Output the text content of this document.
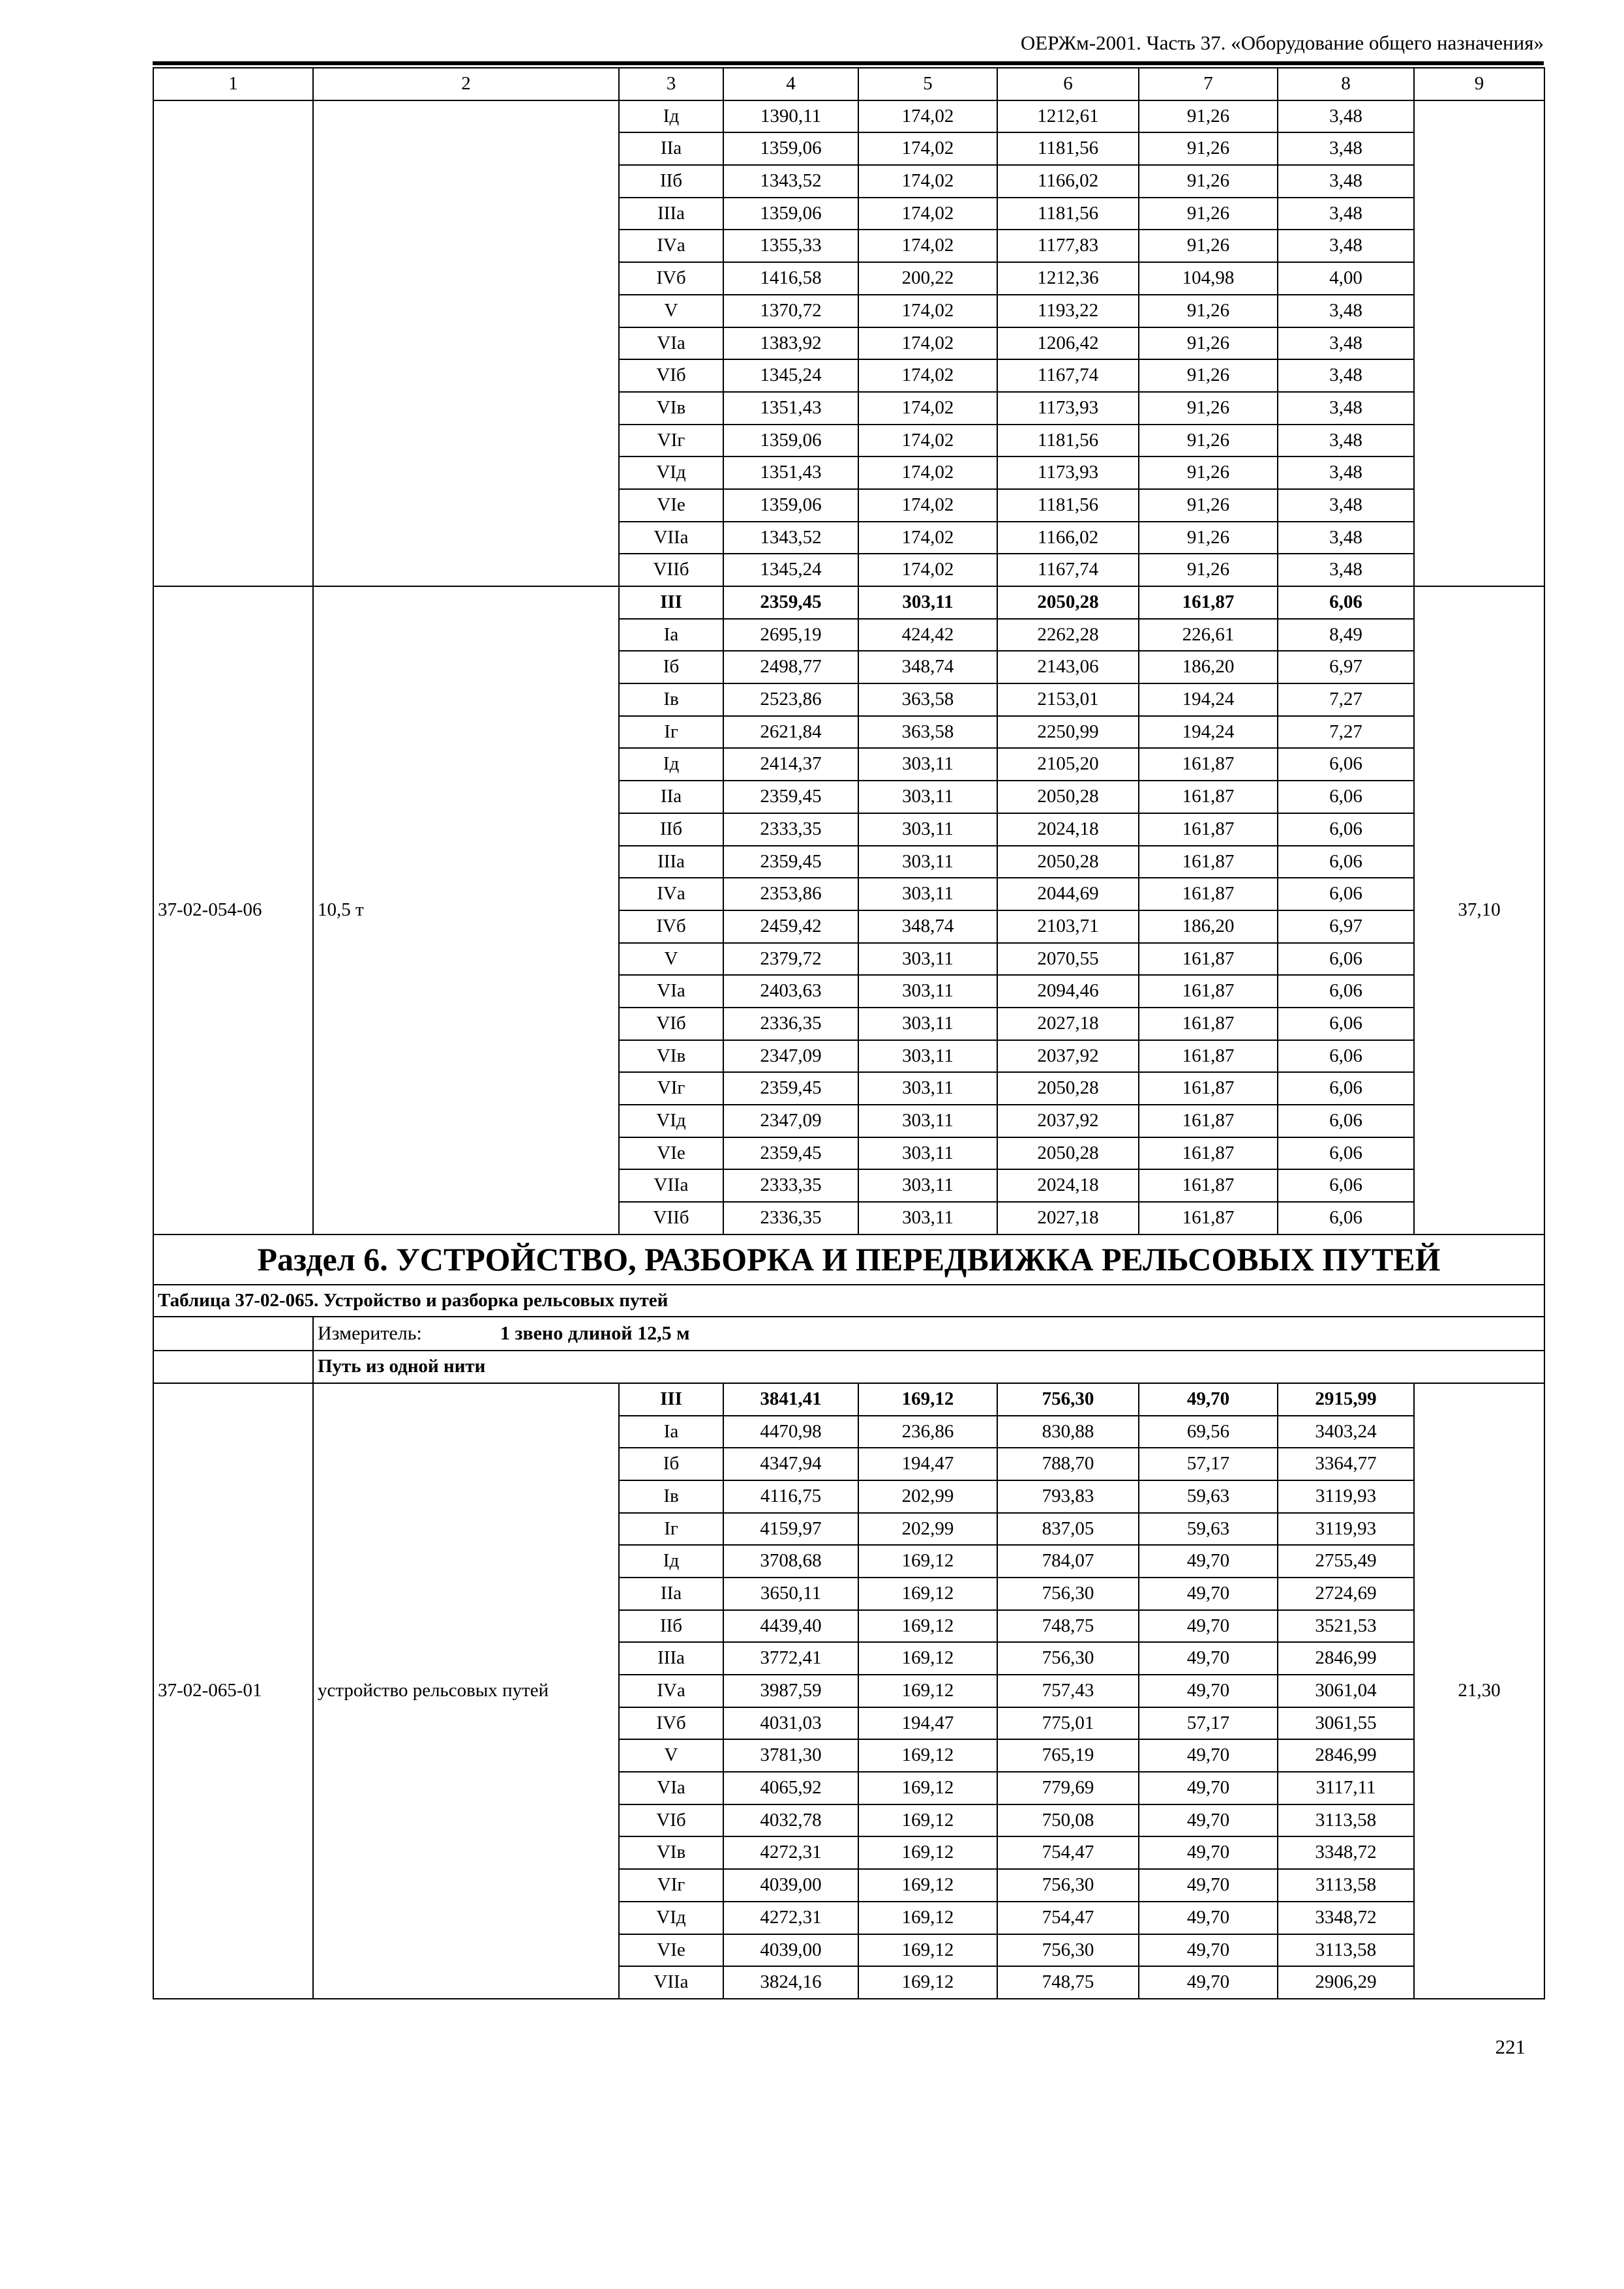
ОЕРЖм-2001. Часть 37. «Оборудование общего назначения»
1	2	3	4	5	6	7	8	9
		Iд	1390,11	174,02	1212,61	91,26	3,48	
		IIа	1359,06	174,02	1181,56	91,26	3,48	
		IIб	1343,52	174,02	1166,02	91,26	3,48	
		IIIа	1359,06	174,02	1181,56	91,26	3,48	
		IVа	1355,33	174,02	1177,83	91,26	3,48	
		IVб	1416,58	200,22	1212,36	104,98	4,00	
		V	1370,72	174,02	1193,22	91,26	3,48	
		VIа	1383,92	174,02	1206,42	91,26	3,48	
		VIб	1345,24	174,02	1167,74	91,26	3,48	
		VIв	1351,43	174,02	1173,93	91,26	3,48	
		VIг	1359,06	174,02	1181,56	91,26	3,48	
		VIд	1351,43	174,02	1173,93	91,26	3,48	
		VIе	1359,06	174,02	1181,56	91,26	3,48	
		VIIа	1343,52	174,02	1166,02	91,26	3,48	
		VIIб	1345,24	174,02	1167,74	91,26	3,48	
37-02-054-06	10,5 т	III	2359,45	303,11	2050,28	161,87	6,06	37,10
		Iа	2695,19	424,42	2262,28	226,61	8,49	
		Iб	2498,77	348,74	2143,06	186,20	6,97	
		Iв	2523,86	363,58	2153,01	194,24	7,27	
		Iг	2621,84	363,58	2250,99	194,24	7,27	
		Iд	2414,37	303,11	2105,20	161,87	6,06	
		IIа	2359,45	303,11	2050,28	161,87	6,06	
		IIб	2333,35	303,11	2024,18	161,87	6,06	
		IIIа	2359,45	303,11	2050,28	161,87	6,06	
		IVа	2353,86	303,11	2044,69	161,87	6,06	
		IVб	2459,42	348,74	2103,71	186,20	6,97	
		V	2379,72	303,11	2070,55	161,87	6,06	
		VIа	2403,63	303,11	2094,46	161,87	6,06	
		VIб	2336,35	303,11	2027,18	161,87	6,06	
		VIв	2347,09	303,11	2037,92	161,87	6,06	
		VIг	2359,45	303,11	2050,28	161,87	6,06	
		VIд	2347,09	303,11	2037,92	161,87	6,06	
		VIе	2359,45	303,11	2050,28	161,87	6,06	
		VIIа	2333,35	303,11	2024,18	161,87	6,06	
		VIIб	2336,35	303,11	2027,18	161,87	6,06	

Раздел 6. УСТРОЙСТВО, РАЗБОРКА И ПЕРЕДВИЖКА РЕЛЬСОВЫХ ПУТЕЙ								

Таблица 37-02-065. Устройство и разборка рельсовых путей								
	Измеритель: 1 звено длиной 12,5 м							
	Путь из одной нити							
37-02-065-01	устройство рельсовых путей	III	3841,41	169,12	756,30	49,70	2915,99	21,30
		Iа	4470,98	236,86	830,88	69,56	3403,24	
		Iб	4347,94	194,47	788,70	57,17	3364,77	
		Iв	4116,75	202,99	793,83	59,63	3119,93	
		Iг	4159,97	202,99	837,05	59,63	3119,93	
		Iд	3708,68	169,12	784,07	49,70	2755,49	
		IIа	3650,11	169,12	756,30	49,70	2724,69	
		IIб	4439,40	169,12	748,75	49,70	3521,53	
		IIIа	3772,41	169,12	756,30	49,70	2846,99	
		IVа	3987,59	169,12	757,43	49,70	3061,04	
		IVб	4031,03	194,47	775,01	57,17	3061,55	
		V	3781,30	169,12	765,19	49,70	2846,99	
		VIа	4065,92	169,12	779,69	49,70	3117,11	
		VIб	4032,78	169,12	750,08	49,70	3113,58	
		VIв	4272,31	169,12	754,47	49,70	3348,72	
		VIг	4039,00	169,12	756,30	49,70	3113,58	
		VIд	4272,31	169,12	754,47	49,70	3348,72	
		VIе	4039,00	169,12	756,30	49,70	3113,58	
		VIIа	3824,16	169,12	748,75	49,70	2906,29	
221
